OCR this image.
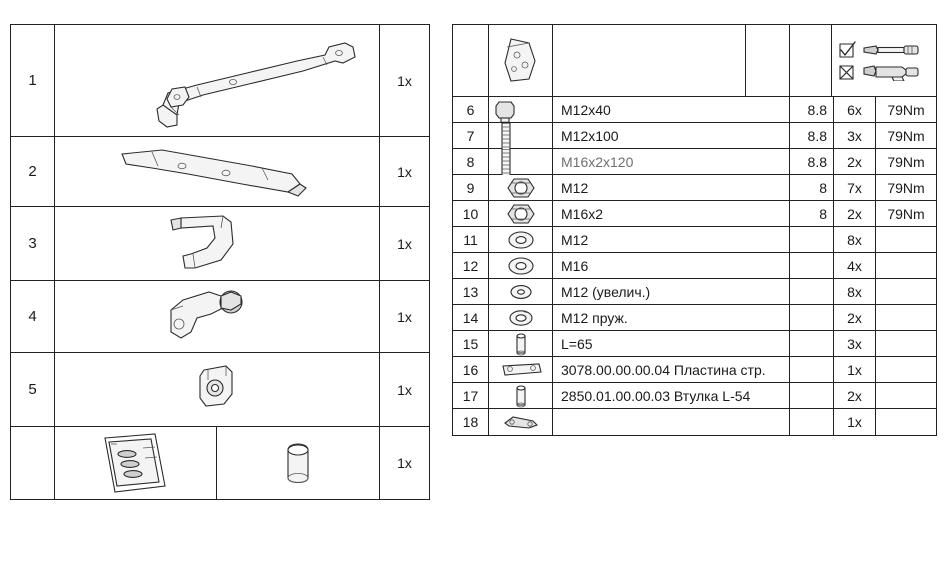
1	1x
2	1x
3	1x
4	1x
5	1x
1x
6	M12x40	8.8	6x	79Nm
7	M12x100	8.8	3x	79Nm
8	M16x2x120	8.8	2x	79Nm
9	M12	8	7x	79Nm
10	M16x2	8	2x	79Nm
11	M12	8x
12	M16	4x
13	M12 (увелич.)	8x
14	M12 пруж.	2x
15	L=65	3x
16	3078.00.00.00.04 Пластина стр.	1x
17	2850.01.00.00.03 Втулка L-54	2x
18	1x
